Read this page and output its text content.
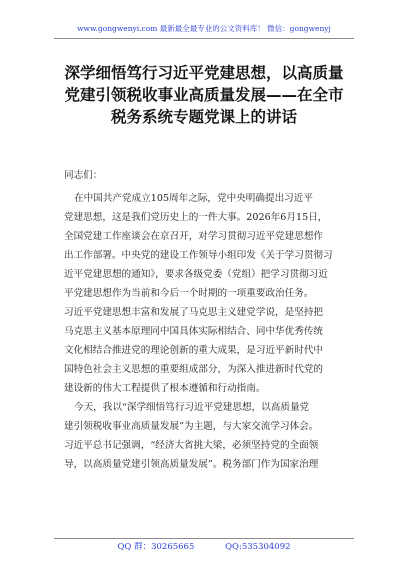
www.gongwenyi.com 最新最全最专业的公文资料库！ 微信：gongwenyj
深学细悟笃行习近平党建思想，以高质量
党建引领税收事业高质量发展——在全市
税务系统专题党课上的讲话
同志们：
在中国共产党成立105周年之际，党中央明确提出习近平
党建思想，这是我们党历史上的一件大事。2026年6月15日，
全国党建工作座谈会在京召开，对学习贯彻习近平党建思想作
出工作部署。中央党的建设工作领导小组印发《关于学习贯彻习
近平党建思想的通知》，要求各级党委（党组）把学习贯彻习近
平党建思想作为当前和今后一个时期的一项重要政治任务。
习近平党建思想丰富和发展了马克思主义建党学说，是坚持把
马克思主义基本原理同中国具体实际相结合、同中华优秀传统
文化相结合推进党的理论创新的重大成果，是习近平新时代中
国特色社会主义思想的重要组成部分，为深入推进新时代党的
建设新的伟大工程提供了根本遵循和行动指南。
今天，我以“深学细悟笃行习近平党建思想，以高质量党
建引领税收事业高质量发展”为主题，与大家交流学习体会。
习近平总书记强调，“经济大省挑大梁，必须坚持党的全面领
导，以高质量党建引领高质量发展”。税务部门作为国家治理
QQ 群：30265665	QQ:535304092
